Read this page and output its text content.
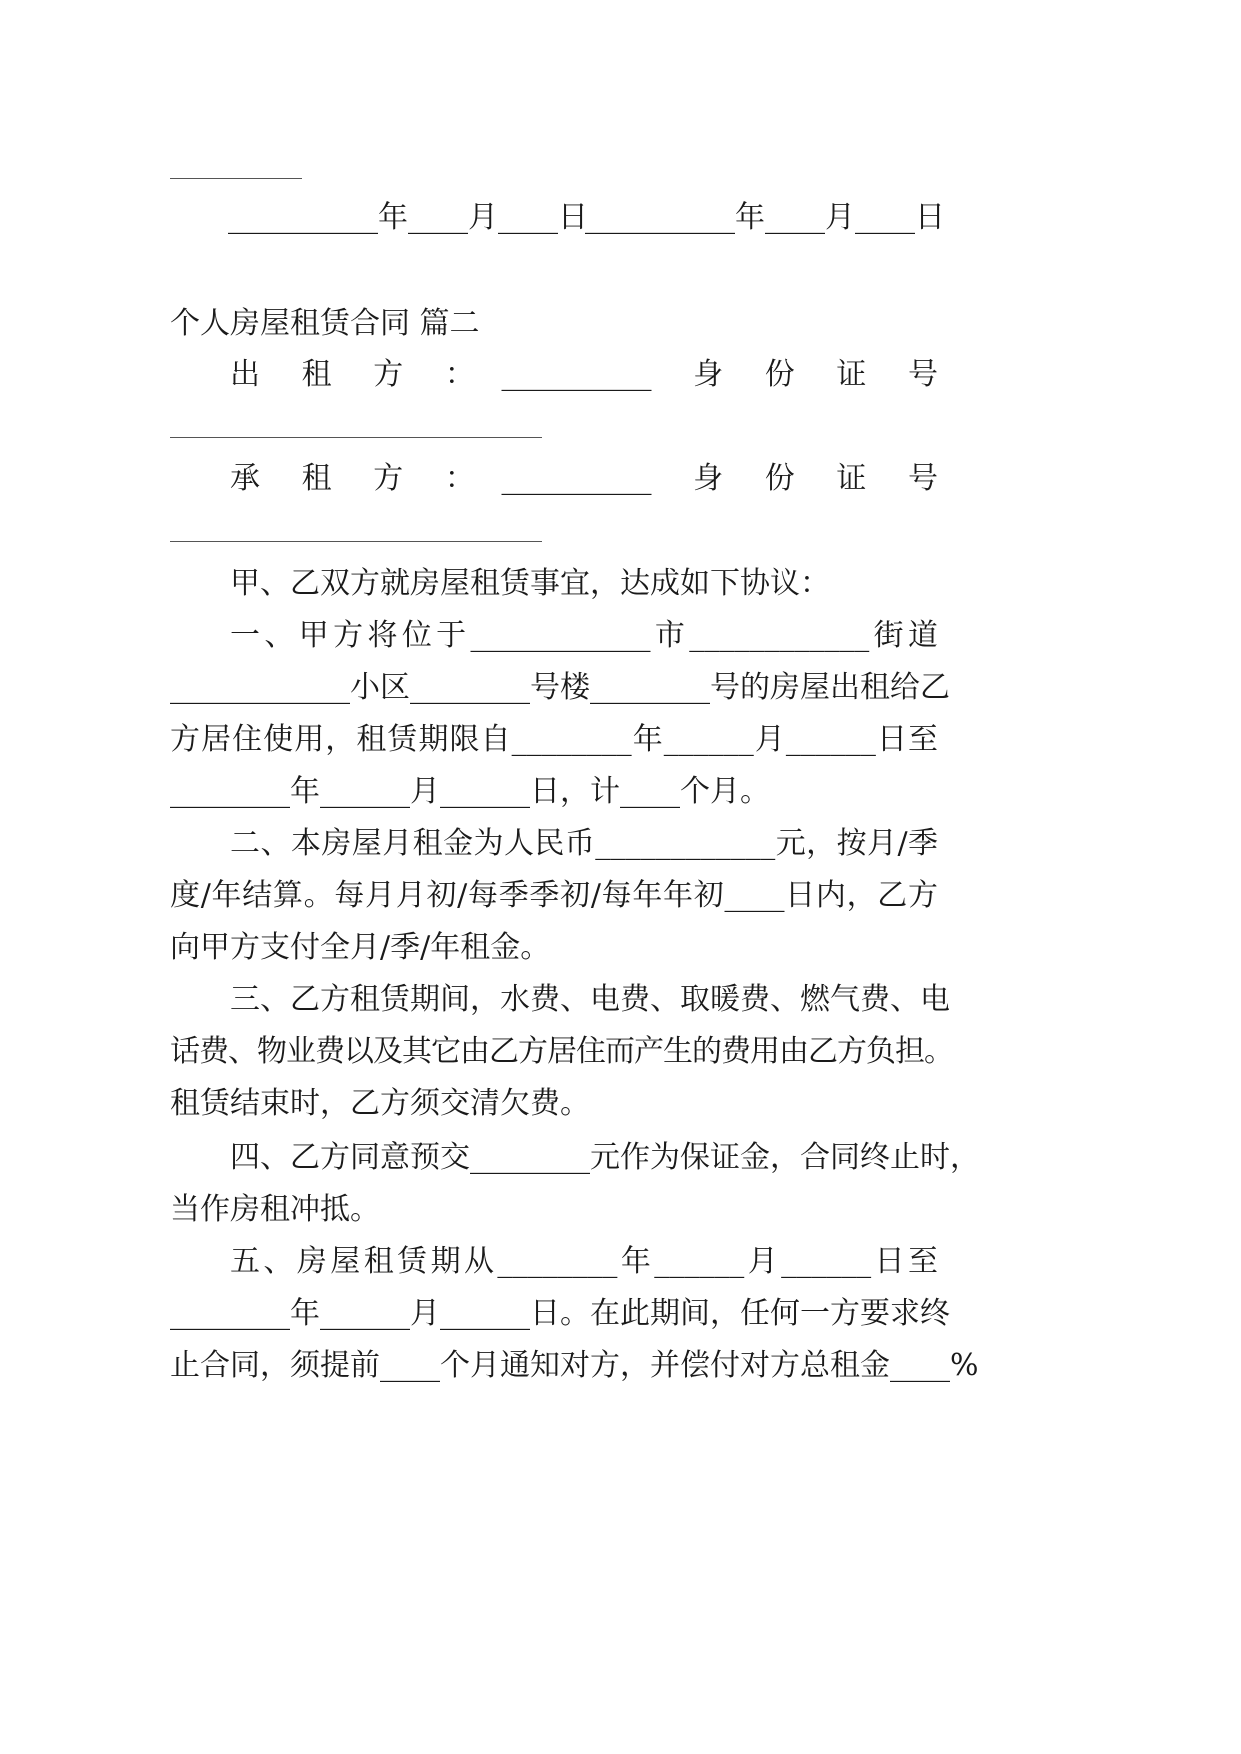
__________年____月____日
__________年____月____日
个人房屋租赁合同 篇二
出　租　方　：　__________　身　份　证　号
承　租　方　：　__________　身　份　证　号
甲、乙双方就房屋租赁事宜，达成如下协议：
一、甲方将位于____________市____________街道
____________小区________号楼________号的房屋出租给乙
方居住使用，租赁期限自________年______月______日至
________年______月______日，计____个月。
二、本房屋月租金为人民币____________元，按月/季
度/年结算。每月月初/每季季初/每年年初____日内，乙方
向甲方支付全月/季/年租金。
三、乙方租赁期间，水费、电费、取暖费、燃气费、电
话费、物业费以及其它由乙方居住而产生的费用由乙方负担。
租赁结束时，乙方须交清欠费。
四、乙方同意预交________元作为保证金，合同终止时，
当作房租冲抵。
五、房屋租赁期从________年______月______日至
________年______月______日。在此期间，任何一方要求终
止合同，须提前____个月通知对方，并偿付对方总租金____%
